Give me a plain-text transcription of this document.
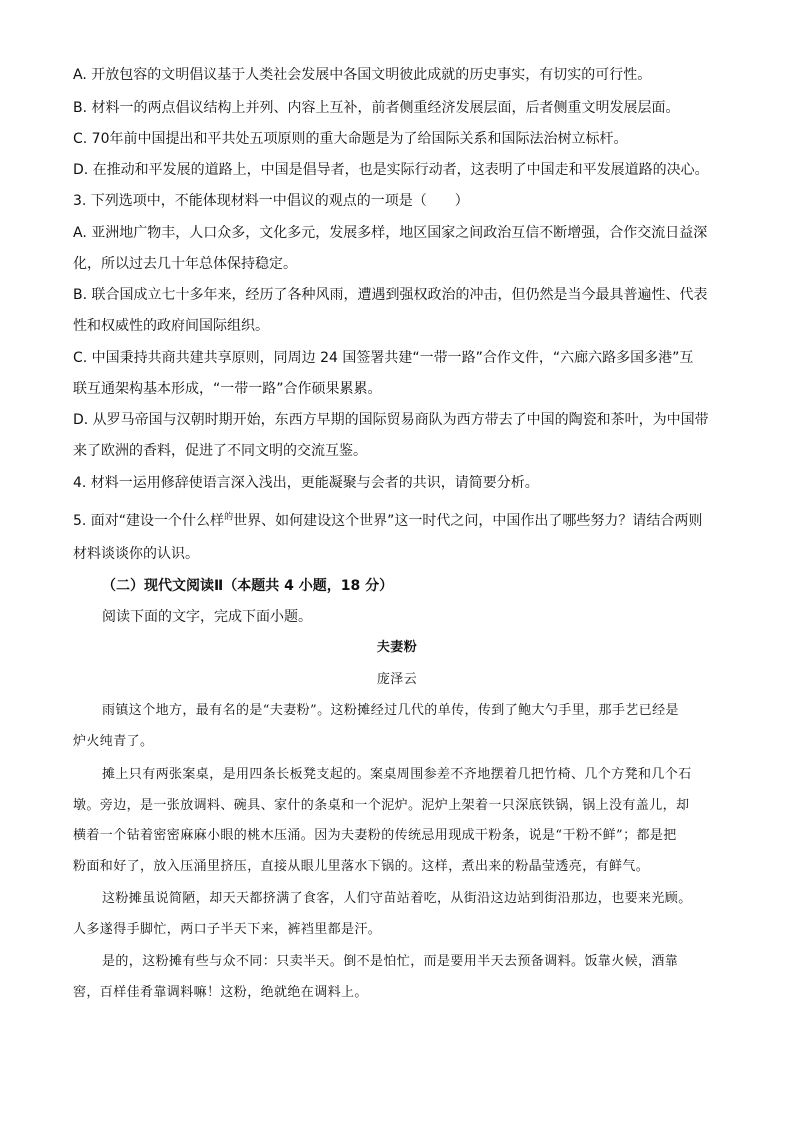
A. 开放包容的文明倡议基于人类社会发展中各国文明彼此成就的历史事实，有切实的可行性。
B. 材料一的两点倡议结构上并列、内容上互补，前者侧重经济发展层面，后者侧重文明发展层面。
C. 70年前中国提出和平共处五项原则的重大命题是为了给国际关系和国际法治树立标杆。
D. 在推动和平发展的道路上，中国是倡导者，也是实际行动者，这表明了中国走和平发展道路的决心。
3. 下列选项中，不能体现材料一中倡议的观点的一项是（　　）
A. 亚洲地广物丰，人口众多，文化多元，发展多样，地区国家之间政治互信不断增强，合作交流日益深
化，所以过去几十年总体保持稳定。
B. 联合国成立七十多年来，经历了各种风雨，遭遇到强权政治的冲击，但仍然是当今最具普遍性、代表
性和权威性的政府间国际组织。
C. 中国秉持共商共建共享原则，同周边 24 国签署共建“一带一路”合作文件，“六廊六路多国多港”互
联互通架构基本形成，“一带一路”合作硕果累累。
D. 从罗马帝国与汉朝时期开始，东西方早期的国际贸易商队为西方带去了中国的陶瓷和茶叶，为中国带
来了欧洲的香料，促进了不同文明的交流互鉴。
4. 材料一运用修辞使语言深入浅出，更能凝聚与会者的共识，请简要分析。
5. 面对“建设一个什么样$^的$世界、如何建设这个世界”这一时代之问，中国作出了哪些努力？请结合两则
材料谈谈你的认识。
（二）现代文阅读Ⅱ（本题共 4 小题，18 分）
阅读下面的文字，完成下面小题。
夫妻粉
庞泽云
雨镇这个地方，最有名的是“夫妻粉”。这粉摊经过几代的单传，传到了鲍大勺手里，那手艺已经是
炉火纯青了。
摊上只有两张案桌，是用四条长板凳支起的。案桌周围参差不齐地摆着几把竹椅、几个方凳和几个石
墩。旁边，是一张放调料、碗具、家什的条桌和一个泥炉。泥炉上架着一只深底铁锅，锅上没有盖儿，却
横着一个钻着密密麻麻小眼的桃木压涌。因为夫妻粉的传统忌用现成干粉条，说是“干粉不鲜”；都是把
粉面和好了，放入压涌里挤压，直接从眼儿里落水下锅的。这样，煮出来的粉晶莹透亮，有鲜气。
这粉摊虽说简陋，却天天都挤满了食客，人们守苗站着吃，从街沿这边站到街沿那边，也要来光顾。
人多遂得手脚忙，两口子半天下来，裤裆里都是汗。
是的，这粉摊有些与众不同：只卖半天。倒不是怕忙，而是要用半天去预备调料。饭靠火候，酒靠
窖，百样佳肴靠调料嘛！这粉，绝就绝在调料上。
